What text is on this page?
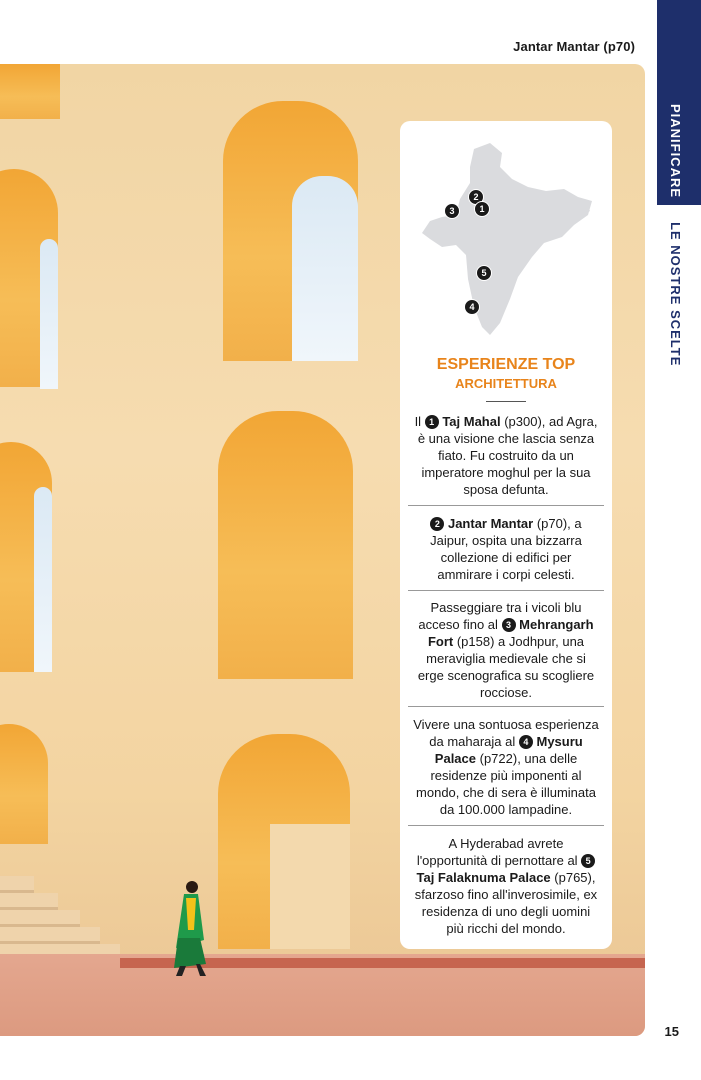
Jantar Mantar (p70)
PIANIFICARELE NOSTRE SCELTE
2
1
3
5
4
ESPERIENZE TOP
ARCHITETTURA
Il 1 Taj Mahal (p300), ad Agra, è una visione che lascia senza fiato. Fu costruito da un imperatore moghul per la sua sposa defunta.
2 Jantar Mantar (p70), a Jaipur, ospita una bizzarra collezione di edifici per ammirare i corpi celesti.
Passeggiare tra i vicoli blu acceso fino al 3 Mehrangarh Fort (p158) a Jodhpur, una meraviglia medievale che si erge scenografica su scogliere rocciose.
Vivere una sontuosa esperienza da maharaja al 4 Mysuru Palace (p722), una delle residenze più imponenti al mondo, che di sera è illuminata da 100.000 lampadine.
A Hyderabad avrete l'opportunità di pernottare al 5 Taj Falaknuma Palace (p765), sfarzoso fino all'inverosimile, ex residenza di uno degli uomini più ricchi del mondo.
15
